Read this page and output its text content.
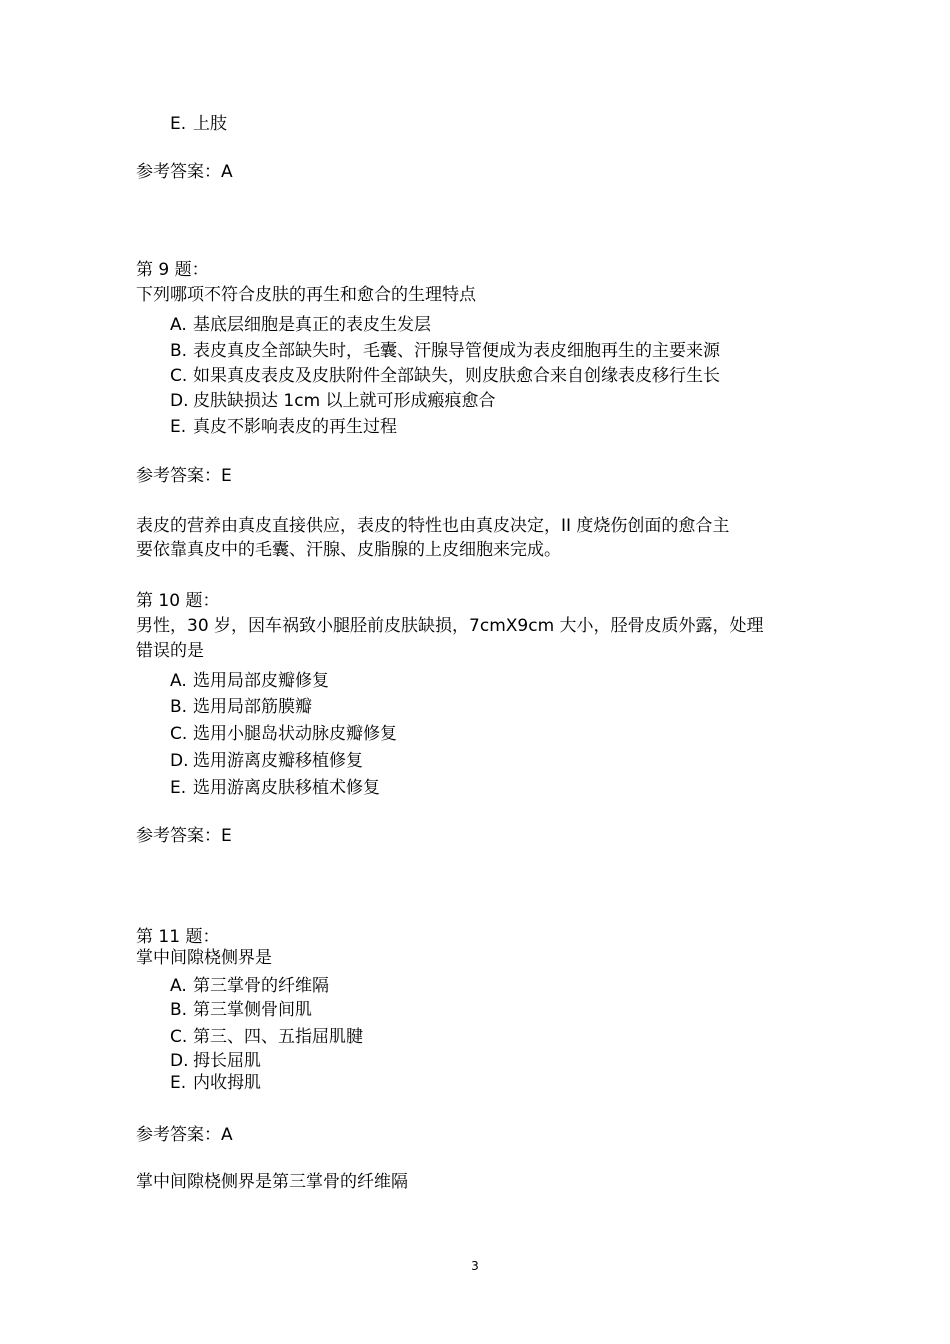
E. 上肢
参考答案：A
第 9 题：
下列哪项不符合皮肤的再生和愈合的生理特点
A. 基底层细胞是真正的表皮生发层
B. 表皮真皮全部缺失时，毛囊、汗腺导管便成为表皮细胞再生的主要来源
C. 如果真皮表皮及皮肤附件全部缺失，则皮肤愈合来自创缘表皮移行生长
D. 皮肤缺损达 1cm 以上就可形成瘢痕愈合
E. 真皮不影响表皮的再生过程
参考答案：E
表皮的营养由真皮直接供应，表皮的特性也由真皮决定，II 度烧伤创面的愈合主
要依靠真皮中的毛囊、汗腺、皮脂腺的上皮细胞来完成。
第 10 题：
男性，30 岁，因车祸致小腿胫前皮肤缺损，7cmX9cm 大小，胫骨皮质外露，处理
错误的是
A. 选用局部皮瓣修复
B. 选用局部筋膜瓣
C. 选用小腿岛状动脉皮瓣修复
D. 选用游离皮瓣移植修复
E. 选用游离皮肤移植术修复
参考答案：E
第 11 题：
掌中间隙桡侧界是
A. 第三掌骨的纤维隔
B. 第三掌侧骨间肌
C. 第三、四、五指屈肌腱
D. 拇长屈肌
E. 内收拇肌
参考答案：A
掌中间隙桡侧界是第三掌骨的纤维隔
3
